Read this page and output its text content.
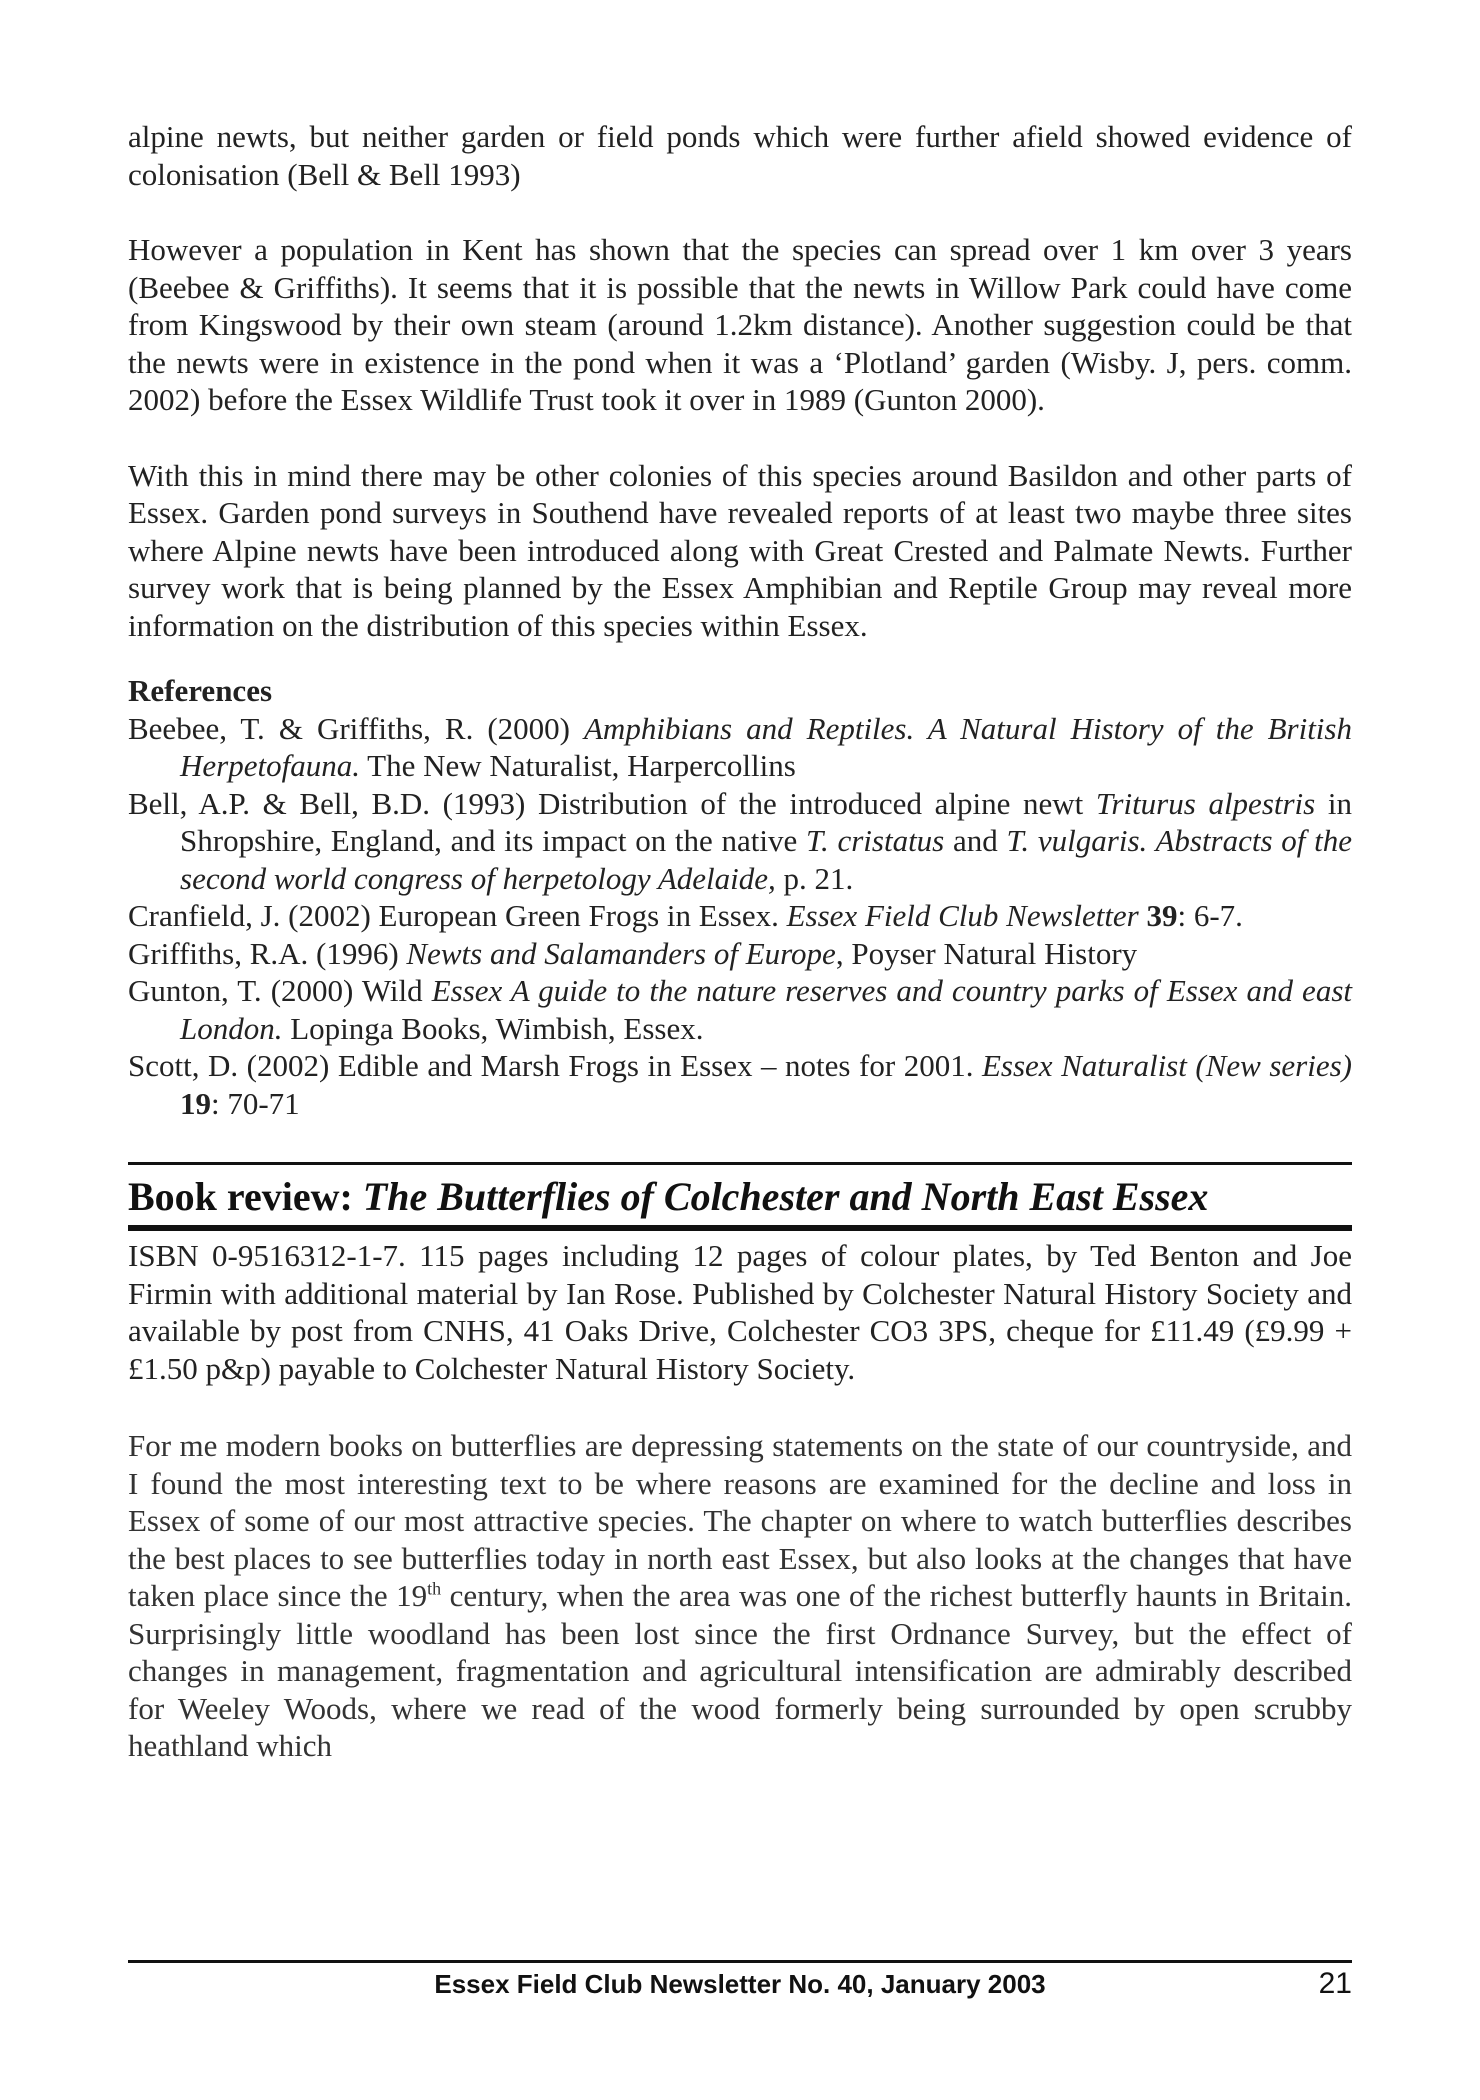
alpine newts, but neither garden or field ponds which were further afield showed evidence of colonisation (Bell & Bell 1993)

However a population in Kent has shown that the species can spread over 1 km over 3 years (Beebee & Griffiths). It seems that it is possible that the newts in Willow Park could have come from Kingswood by their own steam (around 1.2km distance). Another suggestion could be that the newts were in existence in the pond when it was a ‘Plotland’ garden (Wisby. J, pers. comm. 2002) before the Essex Wildlife Trust took it over in 1989 (Gunton 2000).

With this in mind there may be other colonies of this species around Basildon and other parts of Essex. Garden pond surveys in Southend have revealed reports of at least two maybe three sites where Alpine newts have been introduced along with Great Crested and Palmate Newts. Further survey work that is being planned by the Essex Amphibian and Reptile Group may reveal more information on the distribution of this species within Essex.

References

Beebee, T. & Griffiths, R. (2000) Amphibians and Reptiles. A Natural History of the British Herpetofauna. The New Naturalist, Harpercollins

Bell, A.P. & Bell, B.D. (1993) Distribution of the introduced alpine newt Triturus alpestris in Shropshire, England, and its impact on the native T. cristatus and T. vulgaris. Abstracts of the second world congress of herpetology Adelaide, p. 21.

Cranfield, J. (2002) European Green Frogs in Essex. Essex Field Club Newsletter 39: 6-7.

Griffiths, R.A. (1996) Newts and Salamanders of Europe, Poyser Natural History

Gunton, T. (2000) Wild Essex A guide to the nature reserves and country parks of Essex and east London. Lopinga Books, Wimbish, Essex.

Scott, D. (2002) Edible and Marsh Frogs in Essex – notes for 2001. Essex Naturalist (New series) 19: 70-71

Book review: The Butterflies of Colchester and North East Essex

ISBN 0-9516312-1-7. 115 pages including 12 pages of colour plates, by Ted Benton and Joe Firmin with additional material by Ian Rose. Published by Colchester Natural History Society and available by post from CNHS, 41 Oaks Drive, Colchester CO3 3PS, cheque for £11.49 (£9.99 + £1.50 p&p) payable to Colchester Natural History Society.

For me modern books on butterflies are depressing statements on the state of our countryside, and I found the most interesting text to be where reasons are examined for the decline and loss in Essex of some of our most attractive species. The chapter on where to watch butterflies describes the best places to see butterflies today in north east Essex, but also looks at the changes that have taken place since the 19th century, when the area was one of the richest butterfly haunts in Britain. Surprisingly little woodland has been lost since the first Ordnance Survey, but the effect of changes in management, fragmentation and agricultural intensification are admirably described for Weeley Woods, where we read of the wood formerly being surrounded by open scrubby heathland which

Essex Field Club Newsletter No. 40, January 2003	21
